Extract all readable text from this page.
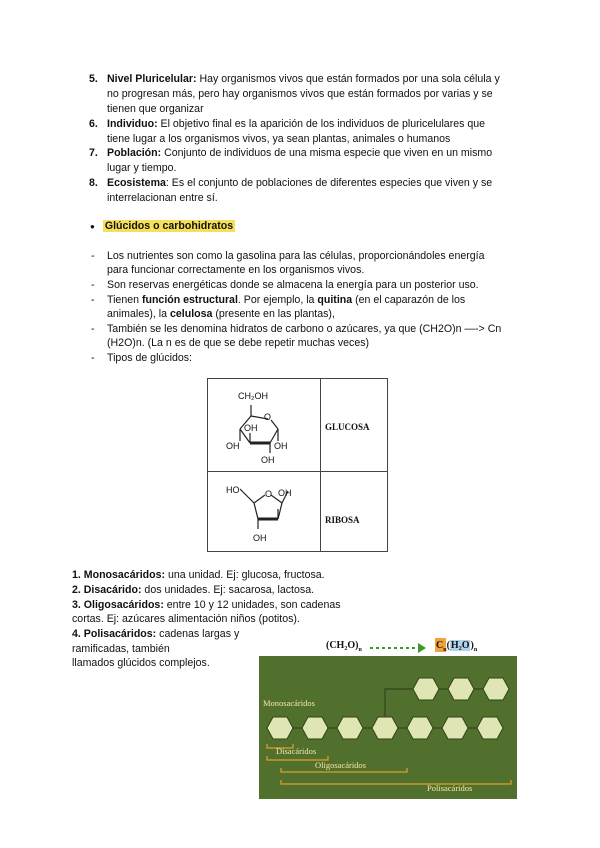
5. Nivel Pluricelular: Hay organismos vivos que están formados por una sola célula y
no progresan más, pero hay organismos vivos que están formados por varias y se
tienen que organizar
6. Individuo: El objetivo final es la aparición de los individuos de pluricelulares que
tiene lugar a los organismos vivos, ya sean plantas, animales o humanos
7. Población: Conjunto de individuos de una misma especie que viven en un mismo
lugar y tiempo.
8. Ecosistema: Es el conjunto de poblaciones de diferentes especies que viven y se
interrelacionan entre sí.
● Glúcidos o carbohidratos
- Los nutrientes son como la gasolina para las células, proporcionándoles energía
para funcionar correctamente en los organismos vivos.
- Son reservas energéticas donde se almacena la energía para un posterior uso.
- Tienen función estructural. Por ejemplo, la quitina (en el caparazón de los
animales), la celulosa (presente en las plantas),
- También se les denomina hidratos de carbono o azúcares, ya que (CH2O)n —-> Cn
(H2O)n. (La n es de que se debe repetir muchas veces)
- Tipos de glúcidos:
CH₂OH
O
OH
OH	OH
OH
GLUCOSA
HO	O OH
OH
RIBOSA
1. Monosacáridos: una unidad. Ej: glucosa, fructosa.
2. Disacárido: dos unidades. Ej: sacarosa, lactosa.
3. Oligosacáridos: entre 10 y 12 unidades, son cadenas
cortas. Ej: azúcares alimentación niños (potitos).
4. Polisacáridos: cadenas largas y
ramificadas, también
llamados glúcidos complejos.
$(CH_2O)_n$	$C_n(H_2O)_n$
Monosacáridos
Disacáridos
Oligosacáridos
Polisacáridos
